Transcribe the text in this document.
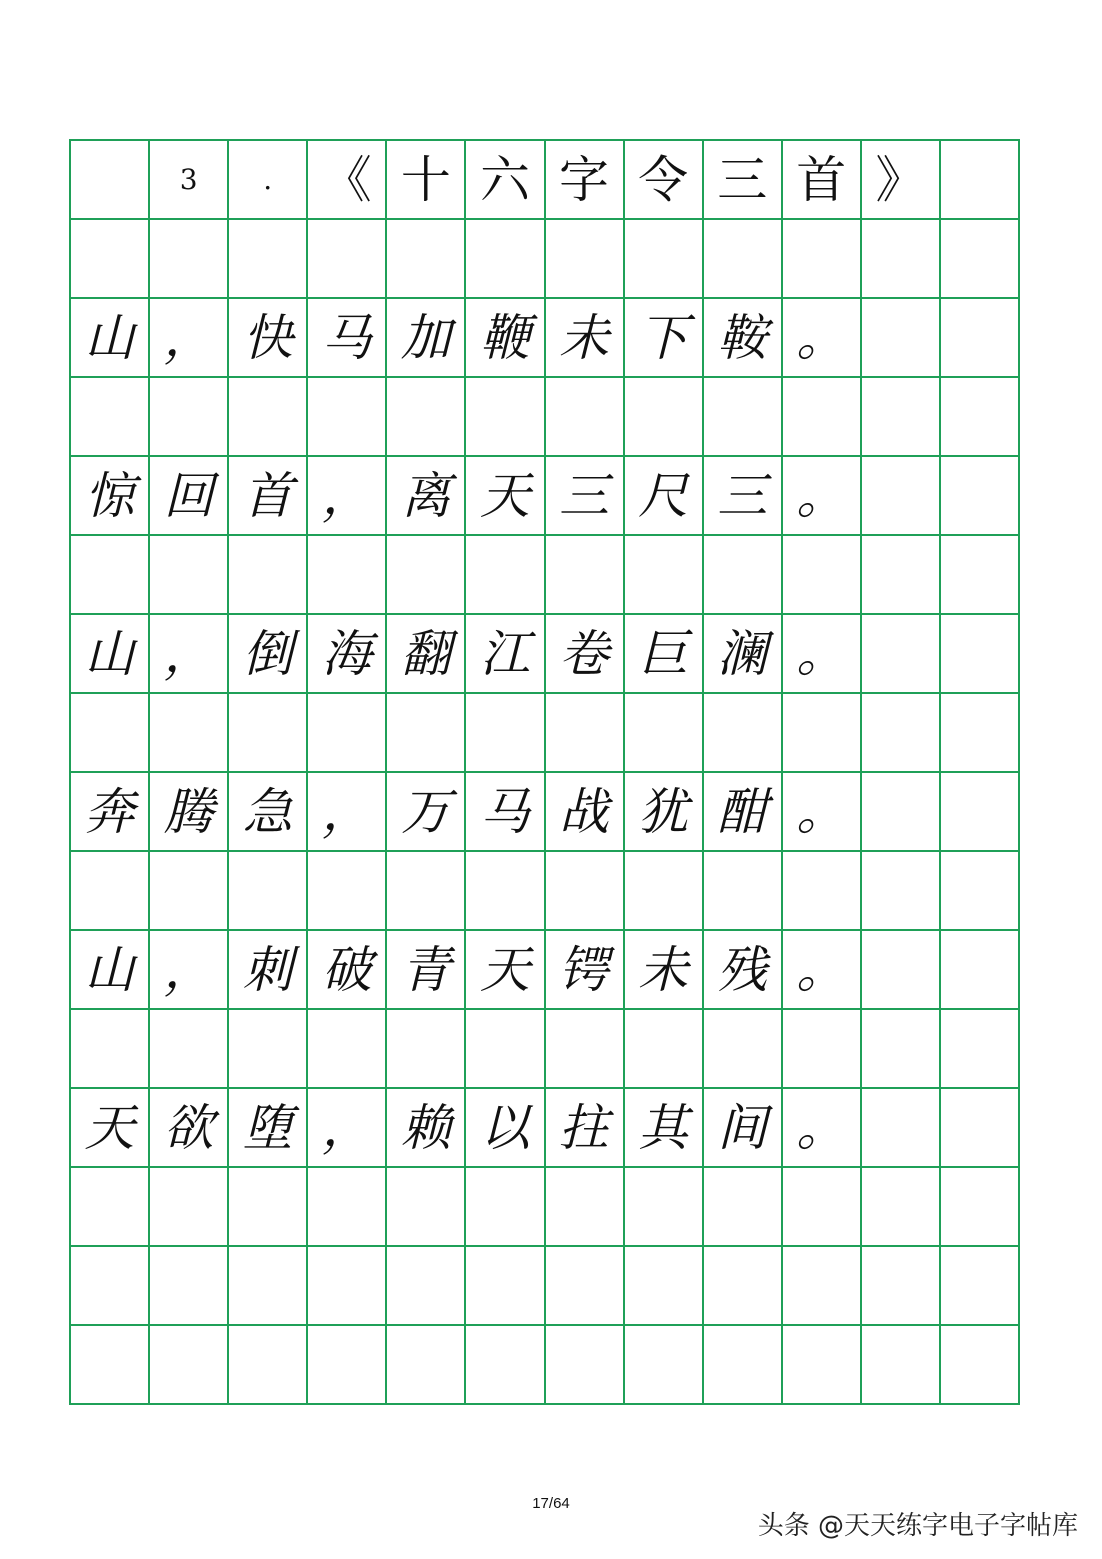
3	. 《 十 六 字 令 三 首 》
山 ， 快 马 加 鞭 未 下 鞍 。
惊 回 首 ， 离 天 三 尺 三 。
山 ， 倒 海 翻 江 卷 巨 澜 。
奔 腾 急 ， 万 马 战 犹 酣 。
山 ， 刺 破 青 天 锷 未 残 。
天 欲 堕 ， 赖 以 拄 其 间 。
17/64
头条 @天天练字电子字帖库
